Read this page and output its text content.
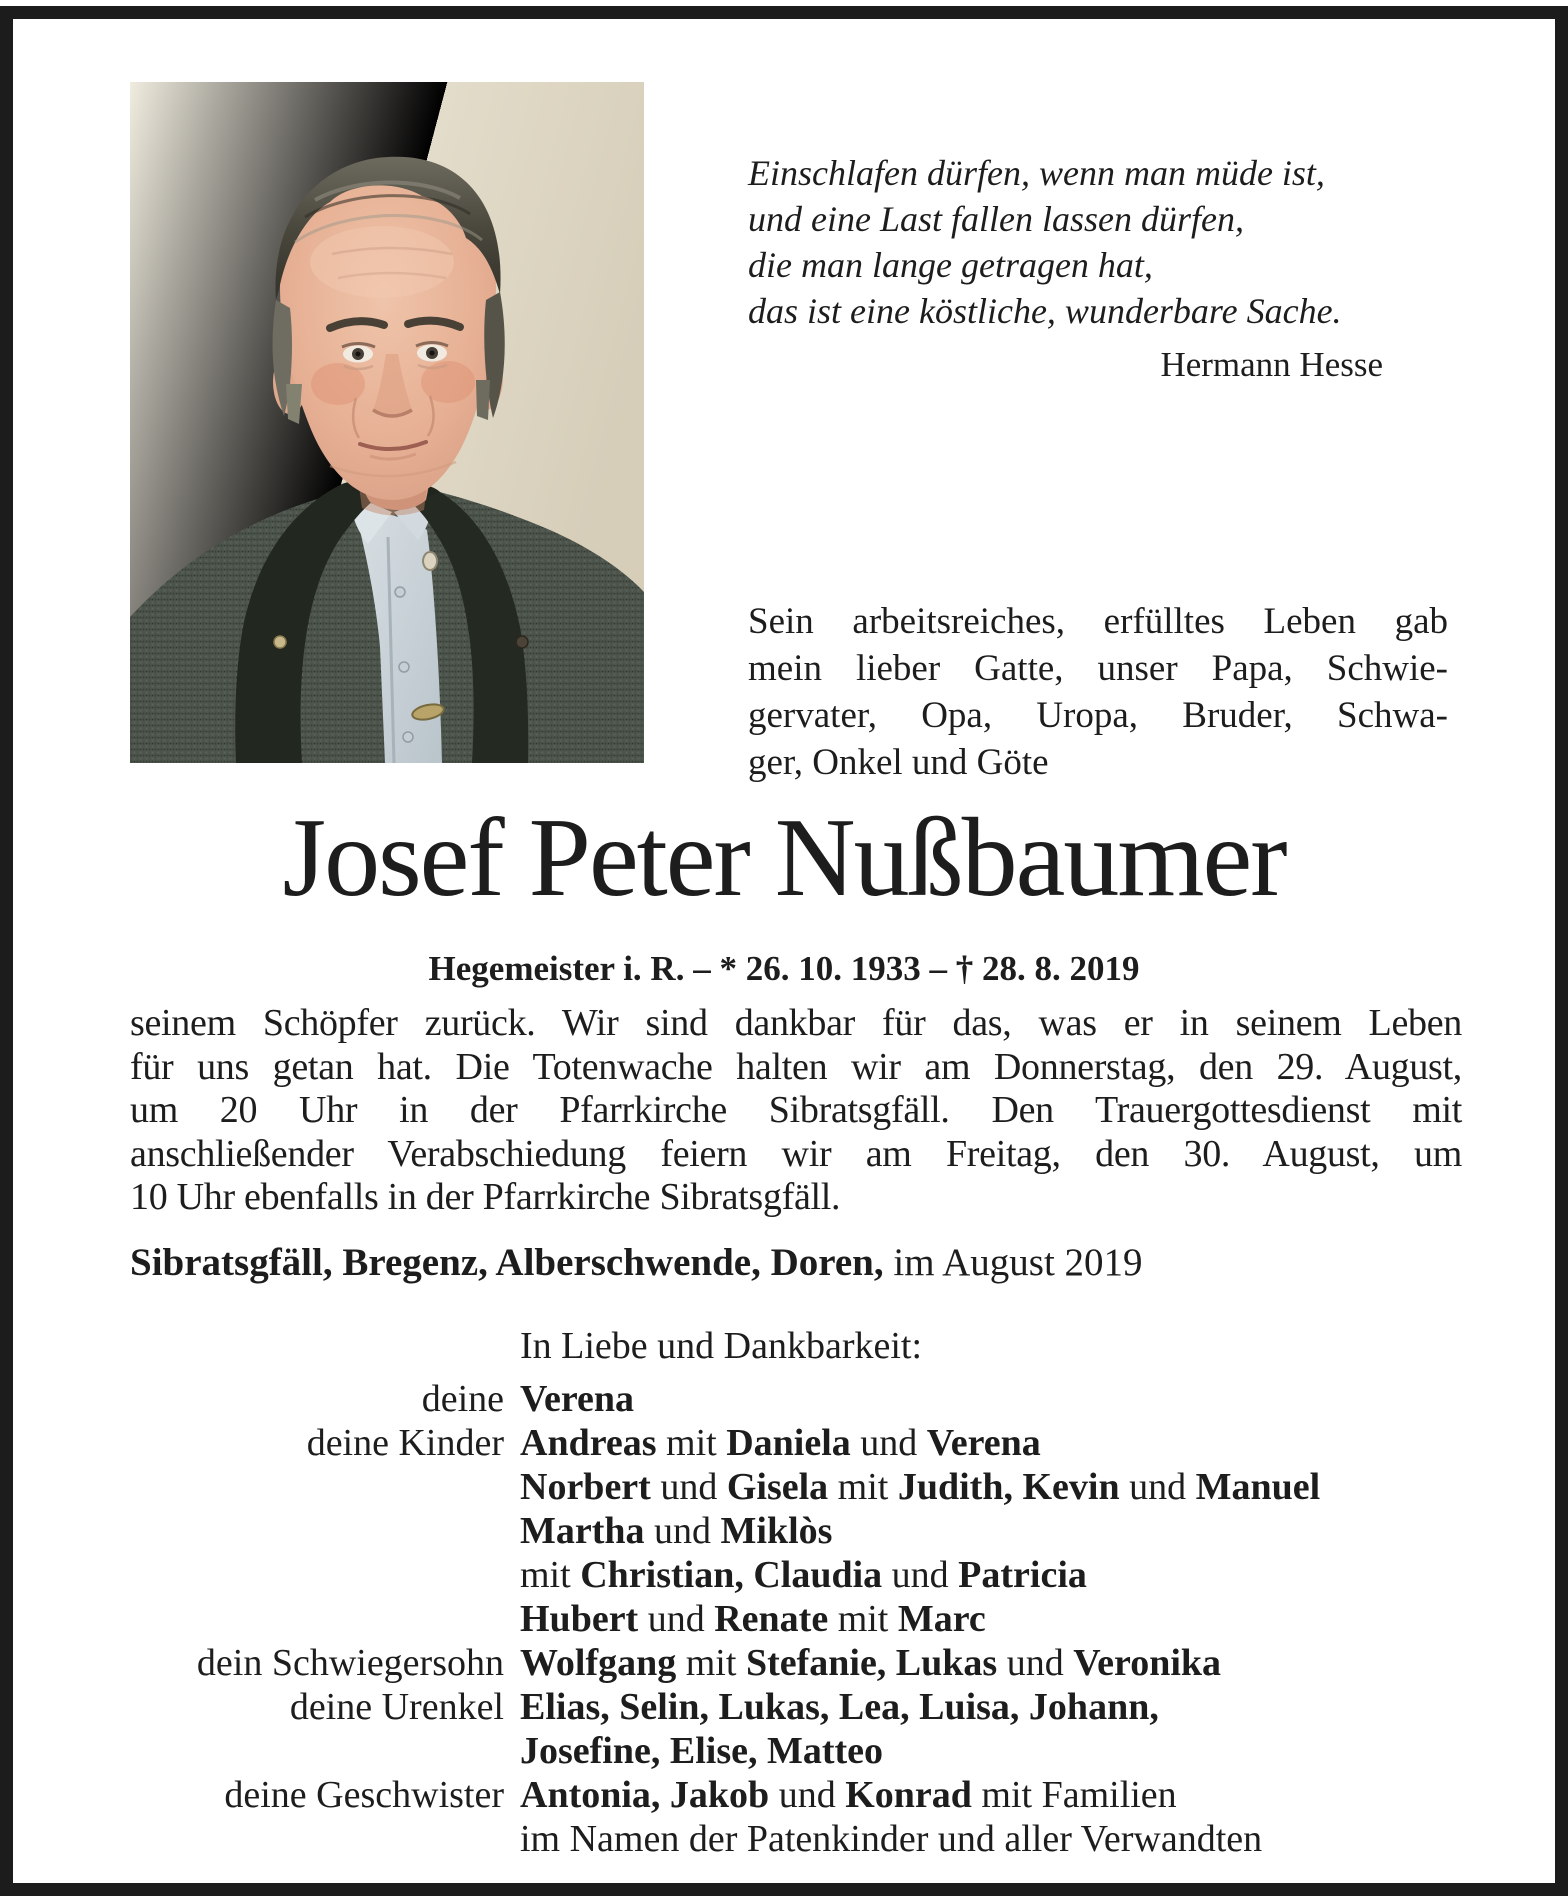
Einschlafen dürfen, wenn man müde ist,
und eine Last fallen lassen dürfen,
die man lange getragen hat,
das ist eine köstliche, wunderbare Sache.
Hermann Hesse
Sein arbeitsreiches, erfülltes Leben gab
mein lieber Gatte, unser Papa, Schwie-
gervater, Opa, Uropa, Bruder, Schwa-
ger, Onkel und Göte
Josef Peter Nußbaumer
Hegemeister i. R. – * 26. 10. 1933 – † 28. 8. 2019
seinem Schöpfer zurück. Wir sind dankbar für das, was er in seinem Leben
für uns getan hat. Die Totenwache halten wir am Donnerstag, den 29. August,
um 20 Uhr in der Pfarrkirche Sibratsgfäll. Den Trauergottesdienst mit
anschließender Verabschiedung feiern wir am Freitag, den 30. August, um
10 Uhr ebenfalls in der Pfarrkirche Sibratsgfäll.
Sibratsgfäll, Bregenz, Alberschwende, Doren, im August 2019
In Liebe und Dankbarkeit:
deine Verena
deine Kinder Andreas mit Daniela und Verena
Norbert und Gisela mit Judith, Kevin und Manuel
Martha und Miklòs
mit Christian, Claudia und Patricia
Hubert und Renate mit Marc
dein Schwiegersohn Wolfgang mit Stefanie, Lukas und Veronika
deine Urenkel Elias, Selin, Lukas, Lea, Luisa, Johann,
Josefine, Elise, Matteo
deine Geschwister Antonia, Jakob und Konrad mit Familien
im Namen der Patenkinder und aller Verwandten
